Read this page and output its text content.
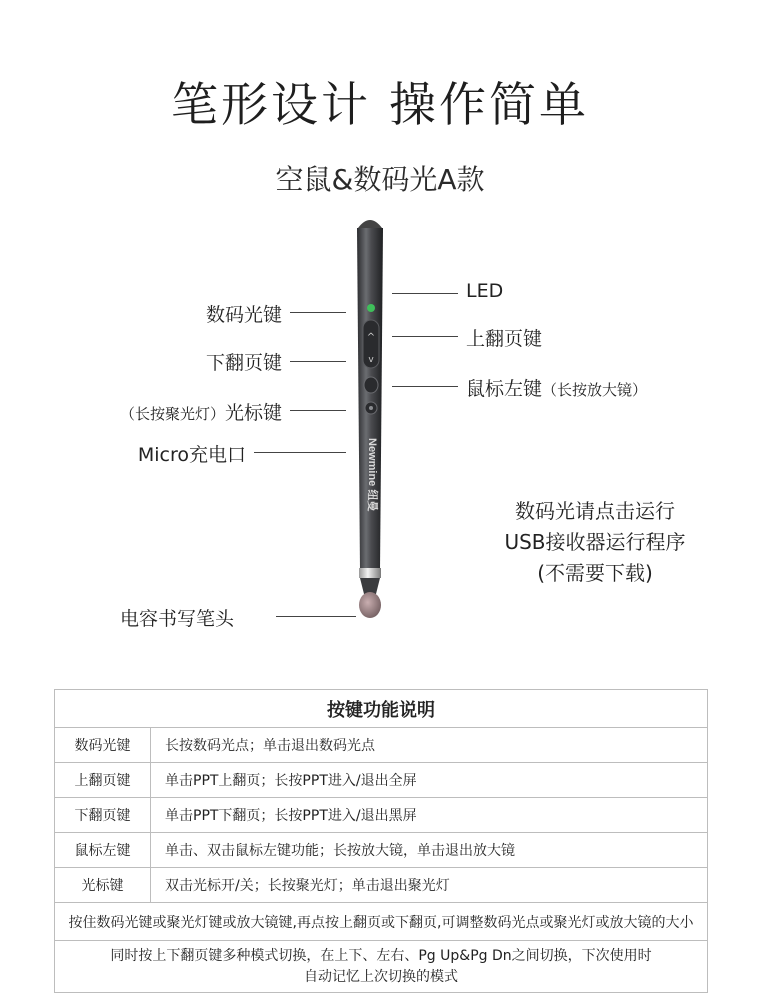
笔形设计 操作简单
空鼠&数码光A款
^
v
Newmine 纽曼
LED
上翻页键
鼠标左键（长按放大镜）
数码光键
下翻页键
（长按聚光灯）光标键
Micro充电口
电容书写笔头
数码光请点击运行
USB接收器运行程序
(不需要下载)
按键功能说明	
数码光键	长按数码光点；单击退出数码光点
上翻页键	单击PPT上翻页；长按PPT进入/退出全屏
下翻页键	单击PPT下翻页；长按PPT进入/退出黑屏
鼠标左键	单击、双击鼠标左键功能；长按放大镜，单击退出放大镜
光标键	双击光标开/关；长按聚光灯；单击退出聚光灯
按住数码光键或聚光灯键或放大镜键,再点按上翻页或下翻页,可调整数码光点或聚光灯或放大镜的大小	

同时按上下翻页键多种模式切换，在上下、左右、Pg Up&Pg Dn之间切换，下次使用时
自动记忆上次切换的模式	
